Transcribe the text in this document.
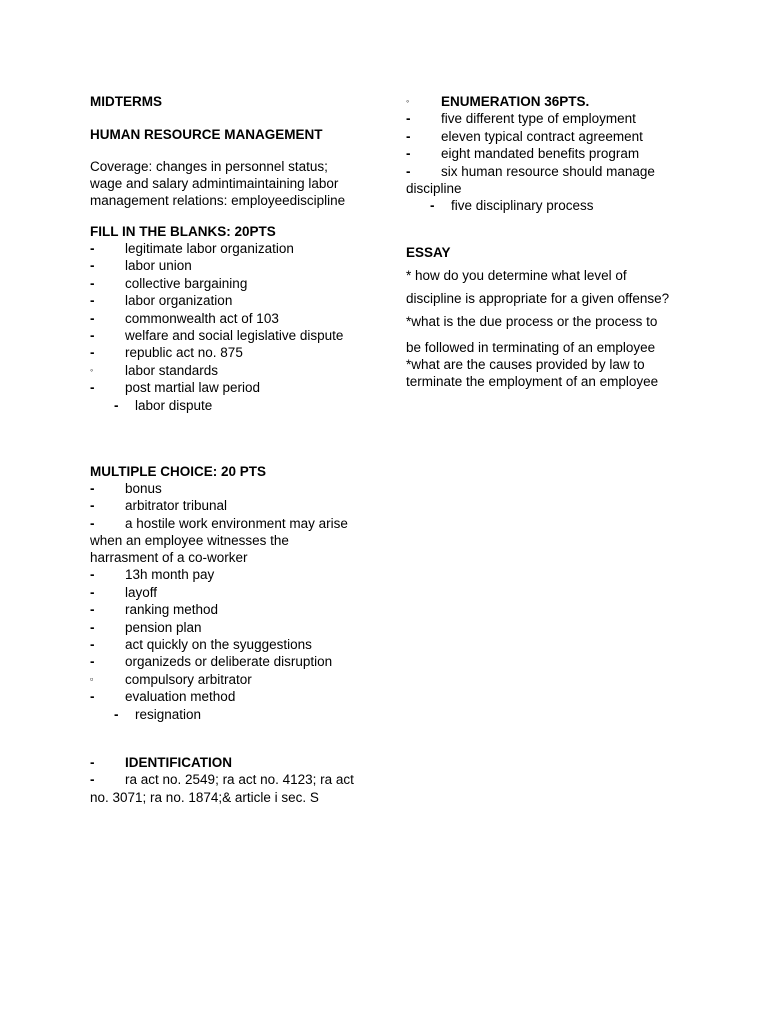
MIDTERMS
HUMAN RESOURCE MANAGEMENT
Coverage: changes in personnel status;
wage and salary admintimaintaining labor
management relations: employeediscipline
FILL IN THE BLANKS: 20PTS
-	legitimate labor organization
-	labor union
-	collective bargaining
-	labor organization
-	commonwealth act of 103
-	welfare and social legislative dispute
-	republic act no. 875
◦	labor standards
-	post martial law period
-	labor dispute
MULTIPLE CHOICE: 20 PTS
-	bonus
-	arbitrator tribunal
-	a hostile work environment may arise
when an employee witnesses the
harrasment of a co-worker
-	13h month pay
-	layoff
-	ranking method
-	pension plan
-	act quickly on the syuggestions
-	organizeds or deliberate disruption
▫	compulsory arbitrator
-	evaluation method
-	resignation
-	IDENTIFICATION
-	ra act no. 2549; ra act no. 4123; ra act
no. 3071; ra no. 1874;& article i sec. S
◦	ENUMERATION 36PTS.
-	five different type of employment
-	eleven typical contract agreement
-	eight mandated benefits program
-	six human resource should manage
discipline
-	five disciplinary process
ESSAY
* how do you determine what level of
discipline is appropriate for a given offense?
*what is the due process or the process to
be followed in terminating of an employee
*what are the causes provided by law to
terminate the employment of an employee
